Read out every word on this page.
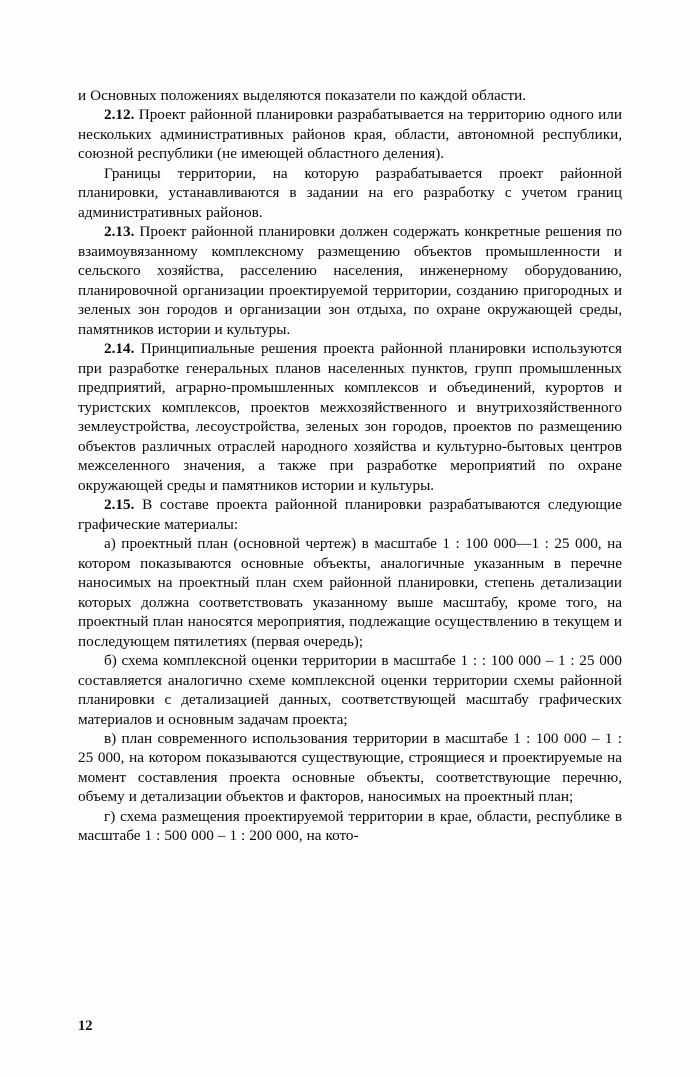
и Основных положениях выделяются показатели по каждой области.

2.12. Проект районной планировки разрабатывается на территорию одного или нескольких административных районов края, области, автономной республики, союзной республики (не имеющей областного деления).

Границы территории, на которую разрабатывается проект районной планировки, устанавливаются в задании на его разработку с учетом границ административных районов.

2.13. Проект районной планировки должен содержать конкретные решения по взаимоувязанному комплексному размещению объектов промышленности и сельского хозяйства, расселению населения, инженерному оборудованию, планировочной организации проектируемой территории, созданию пригородных и зеленых зон городов и организации зон отдыха, по охране окружающей среды, памятников истории и культуры.

2.14. Принципиальные решения проекта районной планировки используются при разработке генеральных планов населенных пунктов, групп промышленных предприятий, аграрно-промышленных комплексов и объединений, курортов и туристских комплексов, проектов межхозяйственного и внутрихозяйственного землеустройства, лесоустройства, зеленых зон городов, проектов по размещению объектов различных отраслей народного хозяйства и культурно-бытовых центров межселенного значения, а также при разработке мероприятий по охране окружающей среды и памятников истории и культуры.

2.15. В составе проекта районной планировки разрабатываются следующие графические материалы:

а) проектный план (основной чертеж) в масштабе 1 : 100 000—1 : 25 000, на котором показываются основные объекты, аналогичные указанным в перечне наносимых на проектный план схем районной планировки, степень детализации которых должна соответствовать указанному выше масштабу, кроме того, на проектный план наносятся мероприятия, подлежащие осуществлению в текущем и последующем пятилетиях (первая очередь);

б) схема комплексной оценки территории в масштабе 1 : : 100 000 – 1 : 25 000 составляется аналогично схеме комплексной оценки территории схемы районной планировки с детализацией данных, соответствующей масштабу графических материалов и основным задачам проекта;

в) план современного использования территории в масштабе 1 : 100 000 – 1 : 25 000, на котором показываются существующие, строящиеся и проектируемые на момент составления проекта основные объекты, соответствующие перечню, объему и детализации объектов и факторов, наносимых на проектный план;

г) схема размещения проектируемой территории в крае, области, республике в масштабе 1 : 500 000 – 1 : 200 000, на кото-

12
